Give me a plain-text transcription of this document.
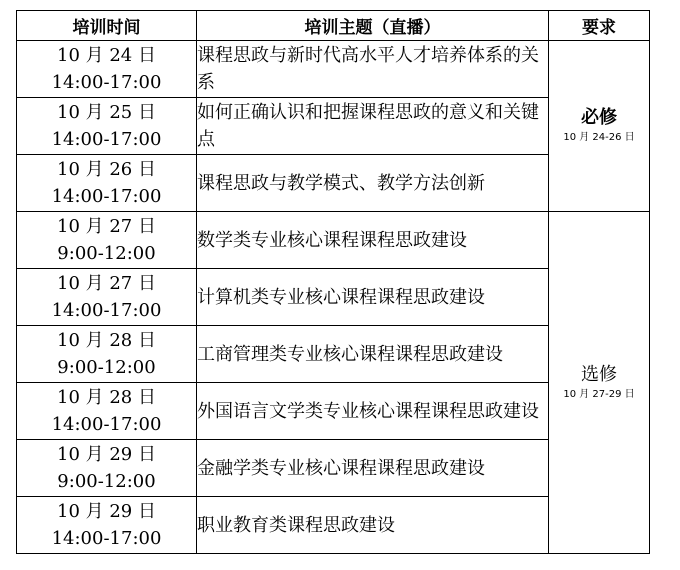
培训时间	培训主题（直播）	要求

10 月 24 日
14:00-17:00	课程思政与新时代高水平人才培养体系的关系	必修
10 月 24-26 日

10 月 25 日
14:00-17:00	如何正确认识和把握课程思政的意义和关键点	

10 月 26 日
14:00-17:00	课程思政与教学模式、教学方法创新	

10 月 27 日
9:00-12:00	数学类专业核心课程课程思政建设	选修
10 月 27-29 日

10 月 27 日
14:00-17:00	计算机类专业核心课程课程思政建设	

10 月 28 日
9:00-12:00	工商管理类专业核心课程课程思政建设	

10 月 28 日
14:00-17:00	外国语言文学类专业核心课程课程思政建设	

10 月 29 日
9:00-12:00	金融学类专业核心课程课程思政建设	

10 月 29 日
14:00-17:00	职业教育类课程思政建设	
